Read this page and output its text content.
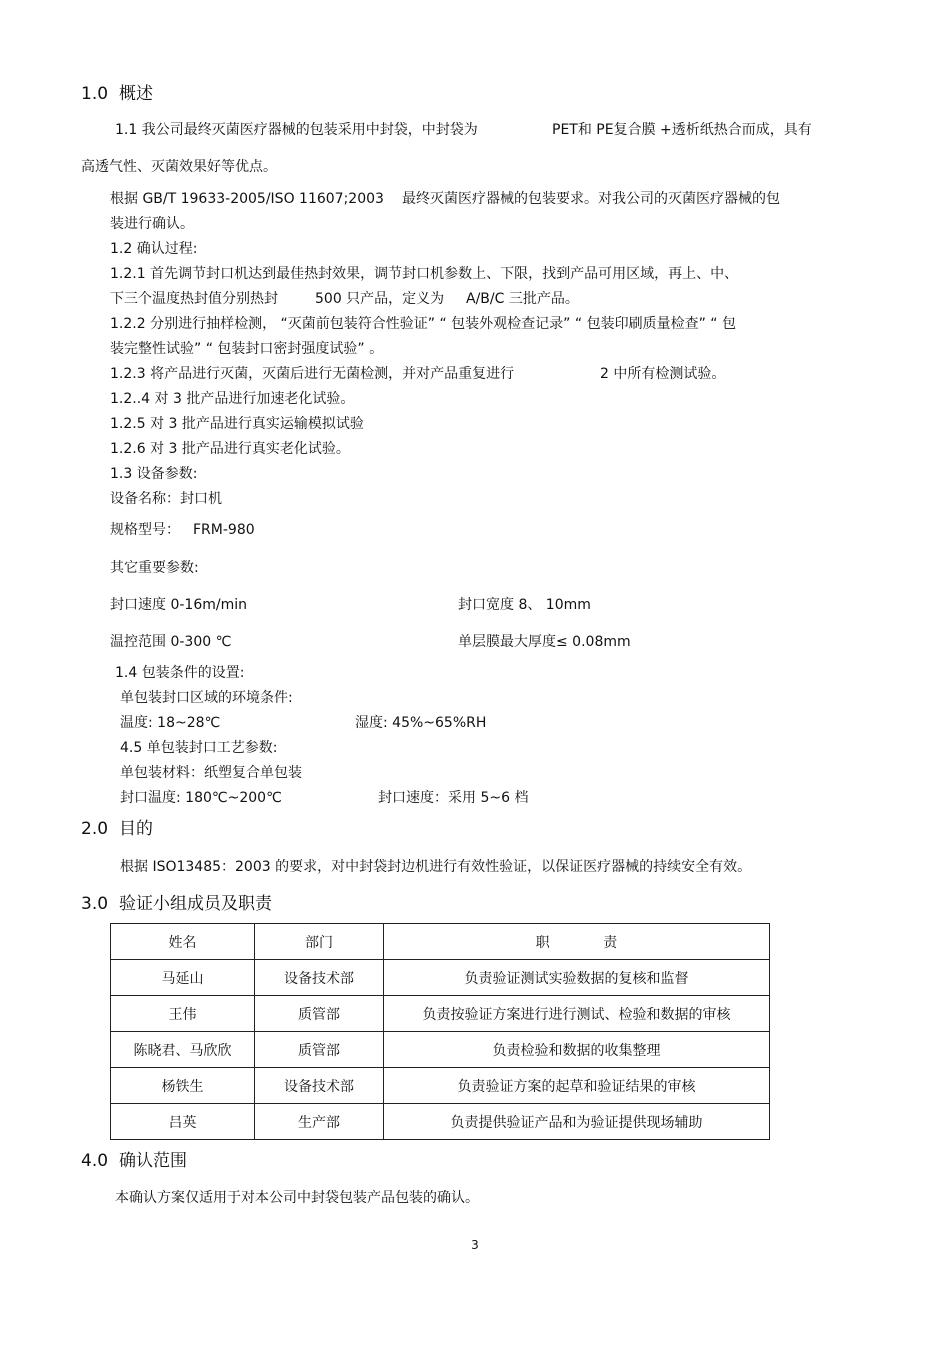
1.0 概述
1.1 我公司最终灭菌医疗器械的包装采用中封袋，中封袋为	PET和 PE复合膜 +透析纸热合而成，具有
高透气性、灭菌效果好等优点。
根据 GB/T 19633-2005/ISO 11607;2003 最终灭菌医疗器械的包装要求。对我公司的灭菌医疗器械的包
装进行确认。
1.2 确认过程:
1.2.1 首先调节封口机达到最佳热封效果，调节封口机参数上、下限，找到产品可用区域，再上、中、
下三个温度热封值分别热封	500 只产品，定义为 A/B/C 三批产品。
1.2.2 分别进行抽样检测， “灭菌前包装符合性验证” “ 包装外观检查记录” “ 包装印刷质量检查” “ 包
装完整性试验” “ 包装封口密封强度试验” 。
1.2.3 将产品进行灭菌，灭菌后进行无菌检测，并对产品重复进行	2 中所有检测试验。
1.2..4 对 3 批产品进行加速老化试验。
1.2.5 对 3 批产品进行真实运输模拟试验
1.2.6 对 3 批产品进行真实老化试验。
1.3 设备参数:
设备名称：封口机
规格型号： FRM-980
其它重要参数:
封口速度 0-16m/min	封口宽度 8、 10mm
温控范围 0-300 ℃	单层膜最大厚度≤ 0.08mm
1.4 包装条件的设置:
单包装封口区域的环境条件:
温度: 18~28℃	湿度: 45%~65%RH
4.5 单包装封口工艺参数:
单包装材料：纸塑复合单包装
封口温度: 180℃~200℃	封口速度：采用 5~6 档
2.0 目的
根据 ISO13485：2003 的要求，对中封袋封边机进行有效性验证，以保证医疗器械的持续安全有效。
3.0 验证小组成员及职责
姓名	部门	职            责
马延山	设备技术部	负责验证测试实验数据的复核和监督
王伟	质管部	负责按验证方案进行进行测试、检验和数据的审核
陈晓君、马欣欣	质管部	负责检验和数据的收集整理
杨铁生	设备技术部	负责验证方案的起草和验证结果的审核
吕英	生产部	负责提供验证产品和为验证提供现场辅助
4.0 确认范围
本确认方案仅适用于对本公司中封袋包装产品包装的确认。
3
